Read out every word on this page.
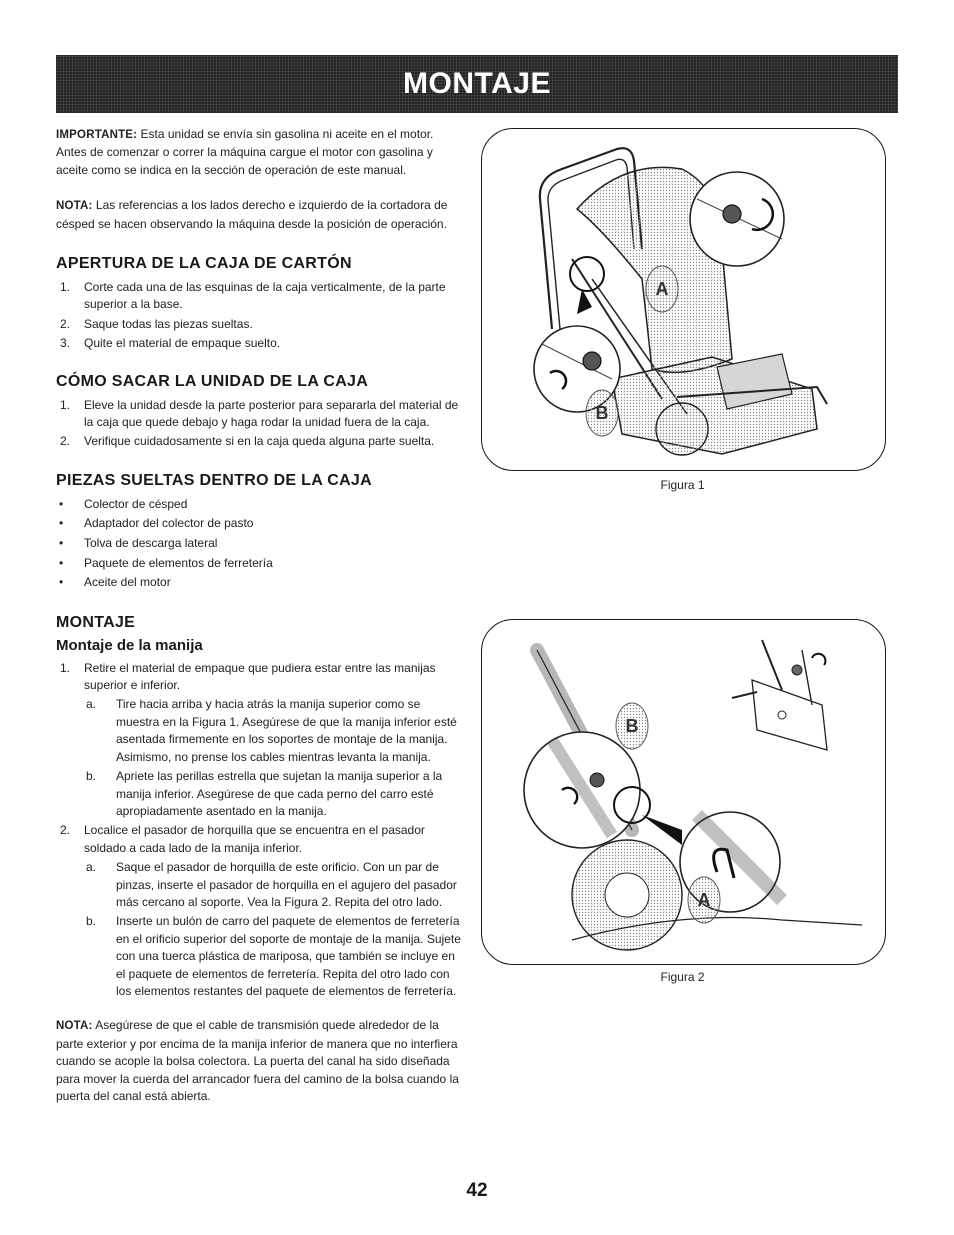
MONTAJE

IMPORTANTE: Esta unidad se envía sin gasolina ni aceite en el motor. Antes de comenzar o correr la máquina cargue el motor con gasolina y aceite como se indica en la sección de operación de este manual.

NOTA: Las referencias a los lados derecho e izquierdo de la cortadora de césped se hacen observando la máquina desde la posición de operación.

APERTURA DE LA CAJA DE CARTÓN
1. Corte cada una de las esquinas de la caja verticalmente, de la parte superior a la base.
2. Saque todas las piezas sueltas.
3. Quite el material de empaque suelto.
CÓMO SACAR LA UNIDAD DE LA CAJA
1. Eleve la unidad desde la parte posterior para separarla del material de la caja que quede debajo y haga rodar la unidad fuera de la caja.
2. Verifique cuidadosamente si en la caja queda alguna parte suelta.
PIEZAS SUELTAS DENTRO DE LA CAJA
• Colector de césped
• Adaptador del colector de pasto
• Tolva de descarga lateral
• Paquete de elementos de ferretería
• Aceite del motor
MONTAJE
Montaje de la manija

1. Retire el material de empaque que pudiera estar entre las manijas superior e inferior.

a. Tire hacia arriba y hacia atrás la manija superior como se muestra en la Figura 1. Asegúrese de que la manija inferior esté asentada firmemente en los soportes de montaje de la manija. Asimismo, no prense los cables mientras levanta la manija.

b. Apriete las perillas estrella que sujetan la manija superior a la manija inferior. Asegúrese de que cada perno del carro esté apropiadamente asentado en la manija.

2. Localice el pasador de horquilla que se encuentra en el pasador soldado a cada lado de la manija inferior.

a. Saque el pasador de horquilla de este orificio. Con un par de pinzas, inserte el pasador de horquilla en el agujero del pasador más cercano al soporte. Vea la Figura 2. Repita del otro lado.

b. Inserte un bulón de carro del paquete de elementos de ferretería en el orificio superior del soporte de montaje de la manija. Sujete con una tuerca plástica de mariposa, que también se incluye en el paquete de elementos de ferretería. Repita del otro lado con los elementos restantes del paquete de elementos de ferretería.

NOTA: Asegúrese de que el cable de transmisión quede alrededor de la parte exterior y por encima de la manija inferior de manera que no interfiera cuando se acople la bolsa colectora. La puerta del canal ha sido diseñada para mover la cuerda del arrancador fuera del camino de la bolsa cuando la puerta del canal está abierta.

A
B
Figura 1
B
A
Figura 2
42
